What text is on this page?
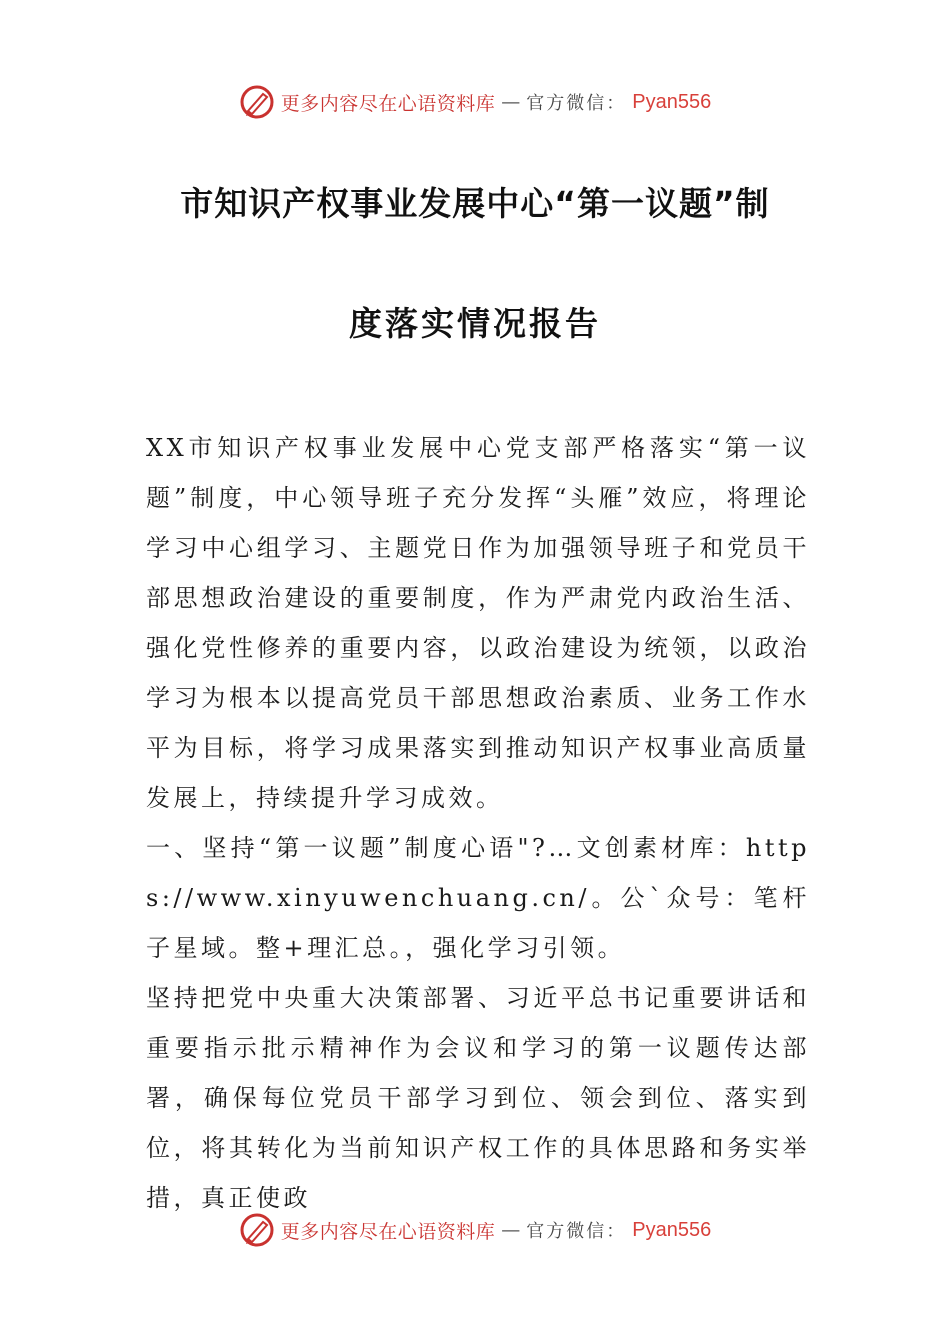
更多内容尽在心语资料库 — 官方微信： Pyan556
市知识产权事业发展中心“第一议题”制
度落实情况报告

XX市知识产权事业发展中心党支部严格落实“第一议题”制度，中心领导班子充分发挥“头雁”效应，将理论学习中心组学习、主题党日作为加强领导班子和党员干部思想政治建设的重要制度，作为严肃党内政治生活、强化党性修养的重要内容，以政治建设为统领，以政治学习为根本以提高党员干部思想政治素质、业务工作水平为目标，将学习成果落实到推动知识产权事业高质量发展上，持续提升学习成效。

一、坚持“第一议题”制度心语"?…文创素材库：https://www.xinyuwenchuang.cn/。公`众号：笔杆子星域。整+理汇总。，强化学习引领。

坚持把党中央重大决策部署、习近平总书记重要讲话和重要指示批示精神作为会议和学习的第一议题传达部署，确保每位党员干部学习到位、领会到位、落实到位，将其转化为当前知识产权工作的具体思路和务实举措，真正使政

更多内容尽在心语资料库 — 官方微信： Pyan556
